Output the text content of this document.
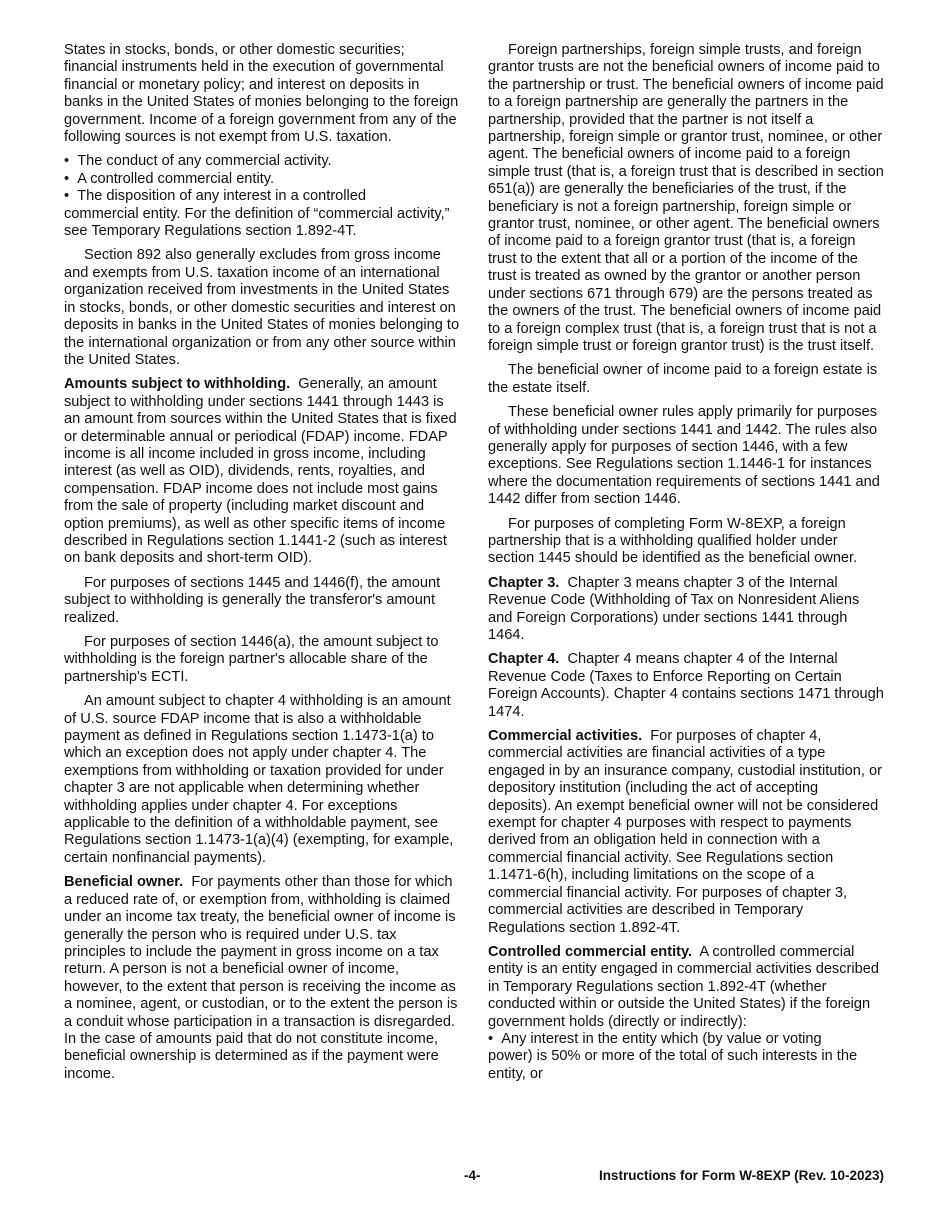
States in stocks, bonds, or other domestic securities; financial instruments held in the execution of governmental financial or monetary policy; and interest on deposits in banks in the United States of monies belonging to the foreign government. Income of a foreign government from any of the following sources is not exempt from U.S. taxation.

•  The conduct of any commercial activity.
•  A controlled commercial entity.
•  The disposition of any interest in a controlled

commercial entity. For the definition of “commercial activity,” see Temporary Regulations section 1.892-4T.

Section 892 also generally excludes from gross income and exempts from U.S. taxation income of an international organization received from investments in the United States in stocks, bonds, or other domestic securities and interest on deposits in banks in the United States of monies belonging to the international organization or from any other source within the United States.

Amounts subject to withholding. Generally, an amount subject to withholding under sections 1441 through 1443 is an amount from sources within the United States that is fixed or determinable annual or periodical (FDAP) income. FDAP income is all income included in gross income, including interest (as well as OID), dividends, rents, royalties, and compensation. FDAP income does not include most gains from the sale of property (including market discount and option premiums), as well as other specific items of income described in Regulations section 1.1441-2 (such as interest on bank deposits and short-term OID).

For purposes of sections 1445 and 1446(f), the amount subject to withholding is generally the transferor's amount realized.

For purposes of section 1446(a), the amount subject to withholding is the foreign partner's allocable share of the partnership's ECTI.

An amount subject to chapter 4 withholding is an amount of U.S. source FDAP income that is also a withholdable payment as defined in Regulations section 1.1473-1(a) to which an exception does not apply under chapter 4. The exemptions from withholding or taxation provided for under chapter 3 are not applicable when determining whether withholding applies under chapter 4. For exceptions applicable to the definition of a withholdable payment, see Regulations section 1.1473-1(a)(4) (exempting, for example, certain nonfinancial payments).

Beneficial owner. For payments other than those for which a reduced rate of, or exemption from, withholding is claimed under an income tax treaty, the beneficial owner of income is generally the person who is required under U.S. tax principles to include the payment in gross income on a tax return. A person is not a beneficial owner of income, however, to the extent that person is receiving the income as a nominee, agent, or custodian, or to the extent the person is a conduit whose participation in a transaction is disregarded. In the case of amounts paid that do not constitute income, beneficial ownership is determined as if the payment were income.

Foreign partnerships, foreign simple trusts, and foreign grantor trusts are not the beneficial owners of income paid to the partnership or trust. The beneficial owners of income paid to a foreign partnership are generally the partners in the partnership, provided that the partner is not itself a partnership, foreign simple or grantor trust, nominee, or other agent. The beneficial owners of income paid to a foreign simple trust (that is, a foreign trust that is described in section 651(a)) are generally the beneficiaries of the trust, if the beneficiary is not a foreign partnership, foreign simple or grantor trust, nominee, or other agent. The beneficial owners of income paid to a foreign grantor trust (that is, a foreign trust to the extent that all or a portion of the income of the trust is treated as owned by the grantor or another person under sections 671 through 679) are the persons treated as the owners of the trust. The beneficial owners of income paid to a foreign complex trust (that is, a foreign trust that is not a foreign simple trust or foreign grantor trust) is the trust itself.

The beneficial owner of income paid to a foreign estate is the estate itself.

These beneficial owner rules apply primarily for purposes of withholding under sections 1441 and 1442. The rules also generally apply for purposes of section 1446, with a few exceptions. See Regulations section 1.1446-1 for instances where the documentation requirements of sections 1441 and 1442 differ from section 1446.

For purposes of completing Form W-8EXP, a foreign partnership that is a withholding qualified holder under section 1445 should be identified as the beneficial owner.

Chapter 3. Chapter 3 means chapter 3 of the Internal Revenue Code (Withholding of Tax on Nonresident Aliens and Foreign Corporations) under sections 1441 through 1464.

Chapter 4. Chapter 4 means chapter 4 of the Internal Revenue Code (Taxes to Enforce Reporting on Certain Foreign Accounts). Chapter 4 contains sections 1471 through 1474.

Commercial activities. For purposes of chapter 4, commercial activities are financial activities of a type engaged in by an insurance company, custodial institution, or depository institution (including the act of accepting deposits). An exempt beneficial owner will not be considered exempt for chapter 4 purposes with respect to payments derived from an obligation held in connection with a commercial financial activity. See Regulations section 1.1471-6(h), including limitations on the scope of a commercial financial activity. For purposes of chapter 3, commercial activities are described in Temporary Regulations section 1.892-4T.

Controlled commercial entity. A controlled commercial entity is an entity engaged in commercial activities described in Temporary Regulations section 1.892-4T (whether conducted within or outside the United States) if the foreign government holds (directly or indirectly):

•  Any interest in the entity which (by value or voting

power) is 50% or more of the total of such interests in the entity, or

-4-	Instructions for Form W-8EXP (Rev. 10-2023)
